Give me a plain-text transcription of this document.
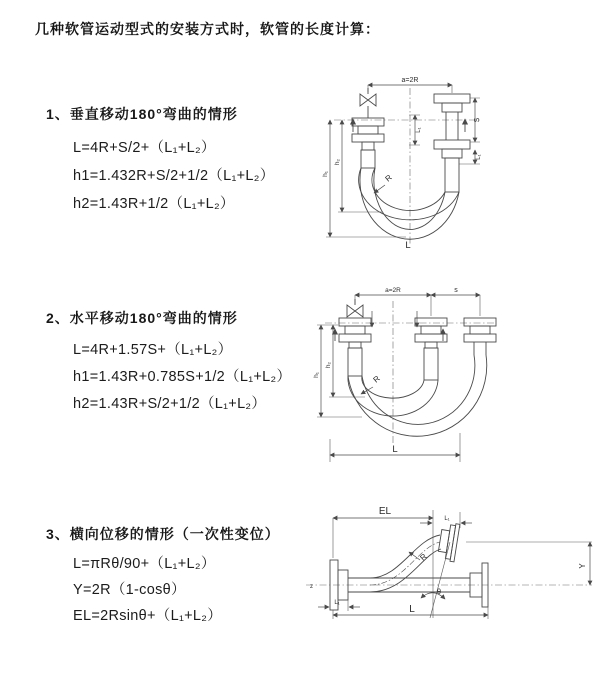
几种软管运动型式的安装方式时，软管的长度计算：
1、垂直移动180°弯曲的情形
L=4R+S/2+（L₁+L₂）
h1=1.432R+S/2+1/2（L₁+L₂）
h2=1.43R+1/2（L₁+L₂）
a=2R
R
h₁
h₂
S
L₁
L₁
L
2、水平移动180°弯曲的情形
L=4R+1.57S+（L₁+L₂）
h1=1.43R+0.785S+1/2（L₁+L₂）
h2=1.43R+S/2+1/2（L₁+L₂）
a=2R	s
R
h₁
h₂
L
3、横向位移的情形（一次性变位）
L=πRθ/90+（L₁+L₂）
Y=2R（1-cosθ）
EL=2Rsinθ+（L₁+L₂）
z
EL
L₁
Y
R
θ
L₁
L
